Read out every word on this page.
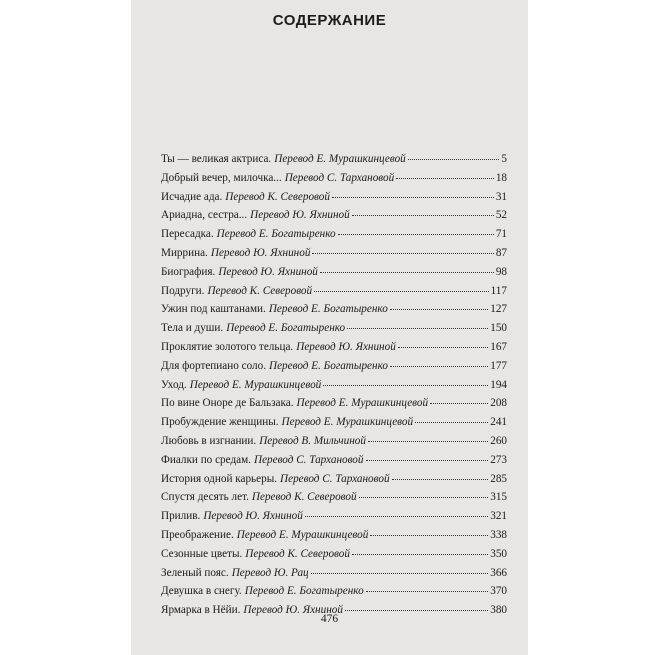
СОДЕРЖАНИЕ
Ты — великая актриса. Перевод Е. Мурашкинцевой	5
Добрый вечер, милочка... Перевод С. Тархановой	18
Исчадие ада. Перевод К. Северовой	31
Ариадна, сестра... Перевод Ю. Яхниной	52
Пересадка. Перевод Е. Богатыренко	71
Миррина. Перевод Ю. Яхниной	87
Биография. Перевод Ю. Яхниной	98
Подруги. Перевод К. Северовой	117
Ужин под каштанами. Перевод Е. Богатыренко	127
Тела и души. Перевод Е. Богатыренко	150
Проклятие золотого тельца. Перевод Ю. Яхниной	167
Для фортепиано соло. Перевод Е. Богатыренко	177
Уход. Перевод Е. Мурашкинцевой	194
По вине Оноре де Бальзака. Перевод Е. Мурашкинцевой	208
Пробуждение женщины. Перевод Е. Мурашкинцевой	241
Любовь в изгнании. Перевод В. Мильчиной	260
Фиалки по средам. Перевод С. Тархановой	273
История одной карьеры. Перевод С. Тархановой	285
Спустя десять лет. Перевод К. Северовой	315
Прилив. Перевод Ю. Яхниной	321
Преображение. Перевод Е. Мурашкинцевой	338
Сезонные цветы. Перевод К. Северовой	350
Зеленый пояс. Перевод Ю. Рац	366
Девушка в снегу. Перевод Е. Богатыренко	370
Ярмарка в Нёйи. Перевод Ю. Яхниной	380
476
